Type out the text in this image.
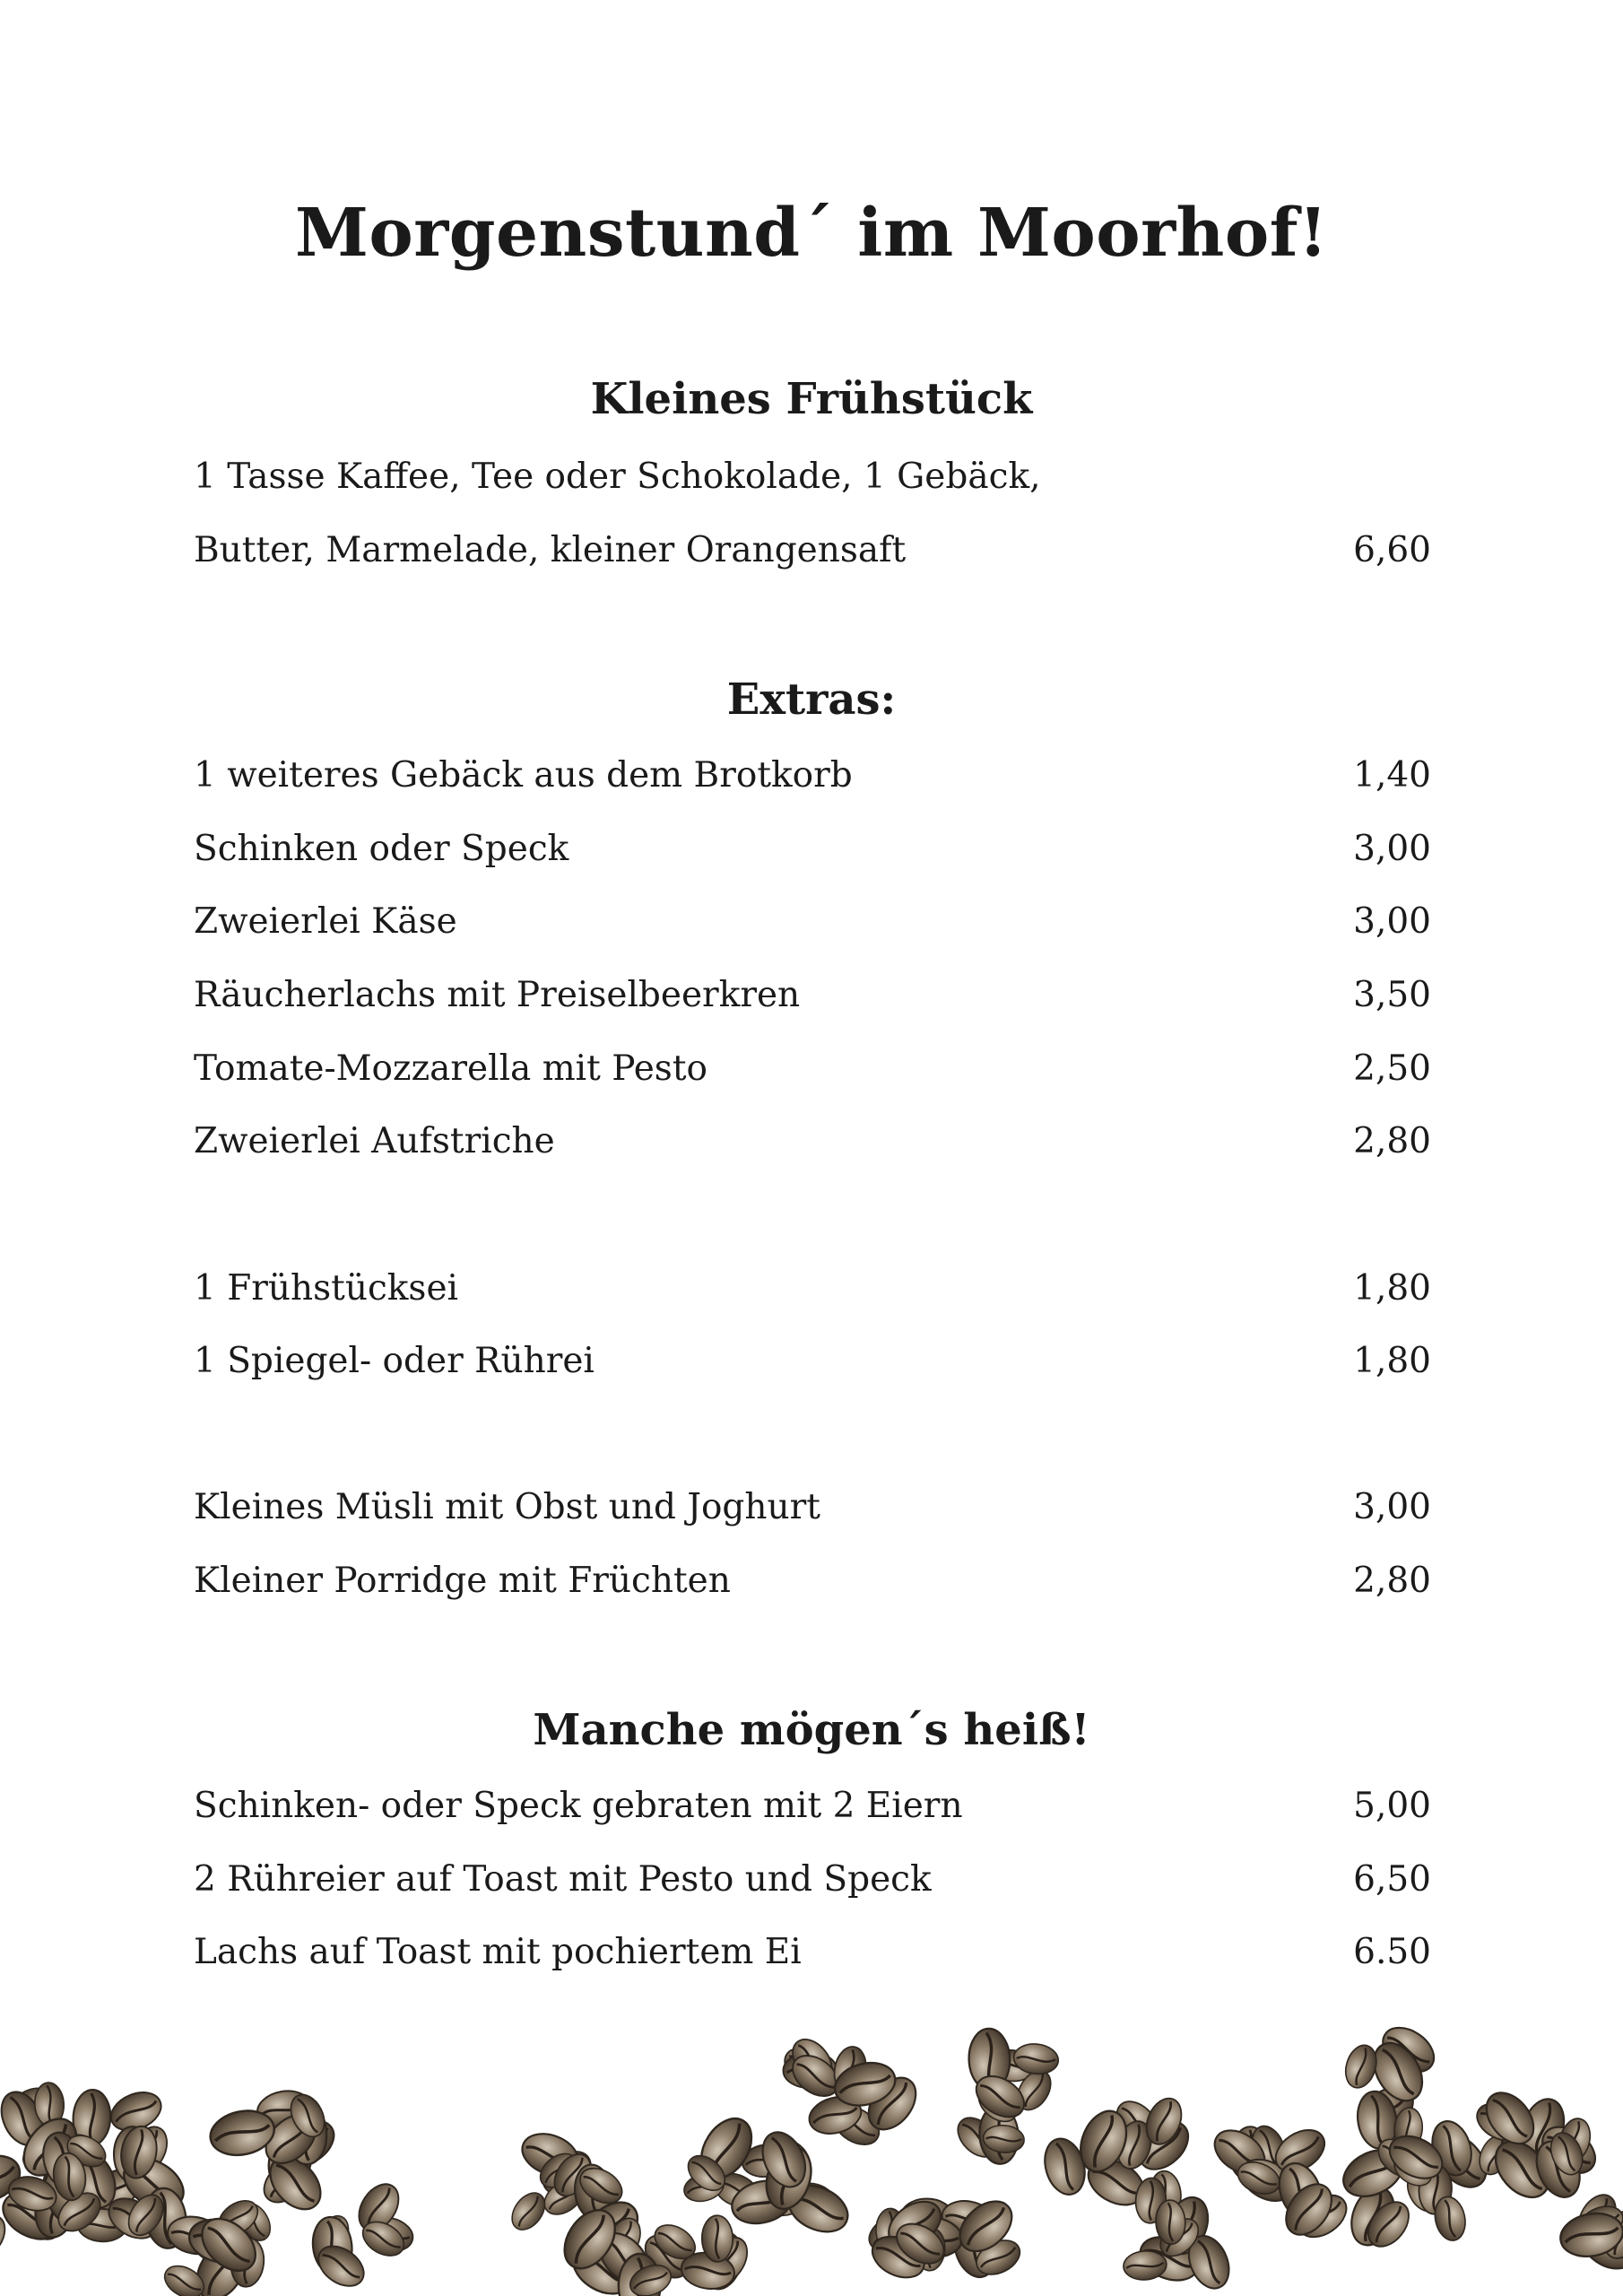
Morgenstund´ im Moorhof!
Kleines Frühstück
1 Tasse Kaffee, Tee oder Schokolade, 1 Gebäck,
Butter, Marmelade, kleiner Orangensaft	6,60
Extras:
1 weiteres Gebäck aus dem Brotkorb	1,40
Schinken oder Speck	3,00
Zweierlei Käse	3,00
Räucherlachs mit Preiselbeerkren	3,50
Tomate-Mozzarella mit Pesto	2,50
Zweierlei Aufstriche	2,80
1 Frühstücksei	1,80
1 Spiegel- oder Rührei	1,80
Kleines Müsli mit Obst und Joghurt	3,00
Kleiner Porridge mit Früchten	2,80
Manche mögen´s heiß!
Schinken- oder Speck gebraten mit 2 Eiern	5,00
2 Rühreier auf Toast mit Pesto und Speck	6,50
Lachs auf Toast mit pochiertem Ei	6.50
